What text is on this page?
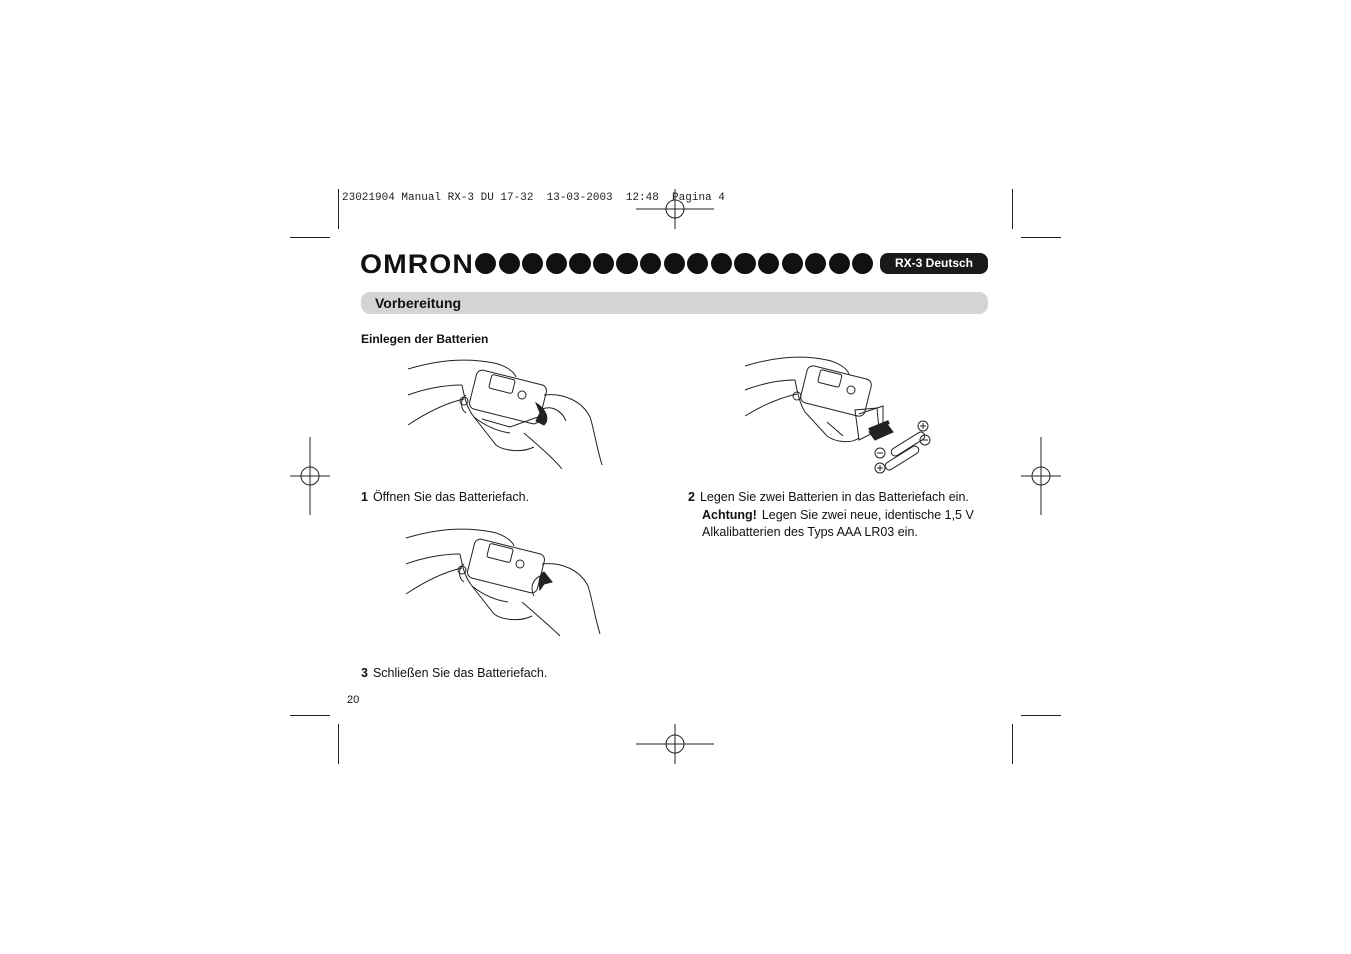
23021904 Manual RX-3 DU 17-32  13-03-2003  12:48  Pagina 4
OMRON	RX-3 Deutsch
Vorbereitung
Einlegen der Batterien
1 Öffnen Sie das Batteriefach.
3 Schließen Sie das Batteriefach.
2 Legen Sie zwei Batterien in das Batteriefach ein.
Achtung! Legen Sie zwei neue, identische 1,5 V
Alkalibatterien des Typs AAA LR03 ein.
20
